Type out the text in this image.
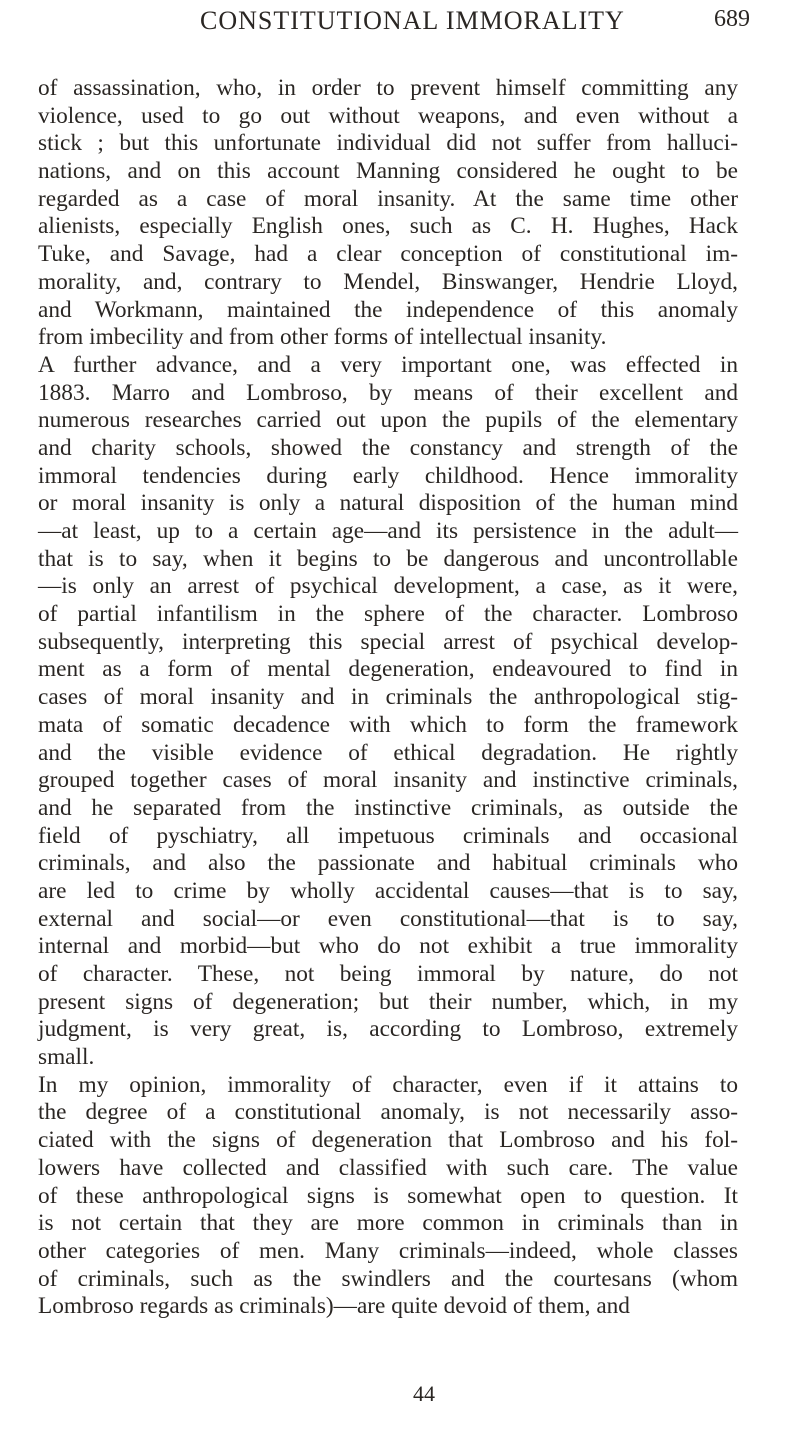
CONSTITUTIONAL IMMORALITY	689
of assassination, who, in order to prevent himself committing any
violence, used to go out without weapons, and even without a
stick ; but this unfortunate individual did not suffer from halluci-
nations, and on this account Manning considered he ought to be
regarded as a case of moral insanity. At the same time other
alienists, especially English ones, such as C. H. Hughes, Hack
Tuke, and Savage, had a clear conception of constitutional im-
morality, and, contrary to Mendel, Binswanger, Hendrie Lloyd,
and Workmann, maintained the independence of this anomaly
from imbecility and from other forms of intellectual insanity.
A further advance, and a very important one, was effected in
1883. Marro and Lombroso, by means of their excellent and
numerous researches carried out upon the pupils of the elementary
and charity schools, showed the constancy and strength of the
immoral tendencies during early childhood. Hence immorality
or moral insanity is only a natural disposition of the human mind
—at least, up to a certain age—and its persistence in the adult—
that is to say, when it begins to be dangerous and uncontrollable
—is only an arrest of psychical development, a case, as it were,
of partial infantilism in the sphere of the character. Lombroso
subsequently, interpreting this special arrest of psychical develop-
ment as a form of mental degeneration, endeavoured to find in
cases of moral insanity and in criminals the anthropological stig-
mata of somatic decadence with which to form the framework
and the visible evidence of ethical degradation. He rightly
grouped together cases of moral insanity and instinctive criminals,
and he separated from the instinctive criminals, as outside the
field of pyschiatry, all impetuous criminals and occasional
criminals, and also the passionate and habitual criminals who
are led to crime by wholly accidental causes—that is to say,
external and social—or even constitutional—that is to say,
internal and morbid—but who do not exhibit a true immorality
of character. These, not being immoral by nature, do not
present signs of degeneration; but their number, which, in my
judgment, is very great, is, according to Lombroso, extremely
small.
In my opinion, immorality of character, even if it attains to
the degree of a constitutional anomaly, is not necessarily asso-
ciated with the signs of degeneration that Lombroso and his fol-
lowers have collected and classified with such care. The value
of these anthropological signs is somewhat open to question. It
is not certain that they are more common in criminals than in
other categories of men. Many criminals—indeed, whole classes
of criminals, such as the swindlers and the courtesans (whom
Lombroso regards as criminals)—are quite devoid of them, and
44
